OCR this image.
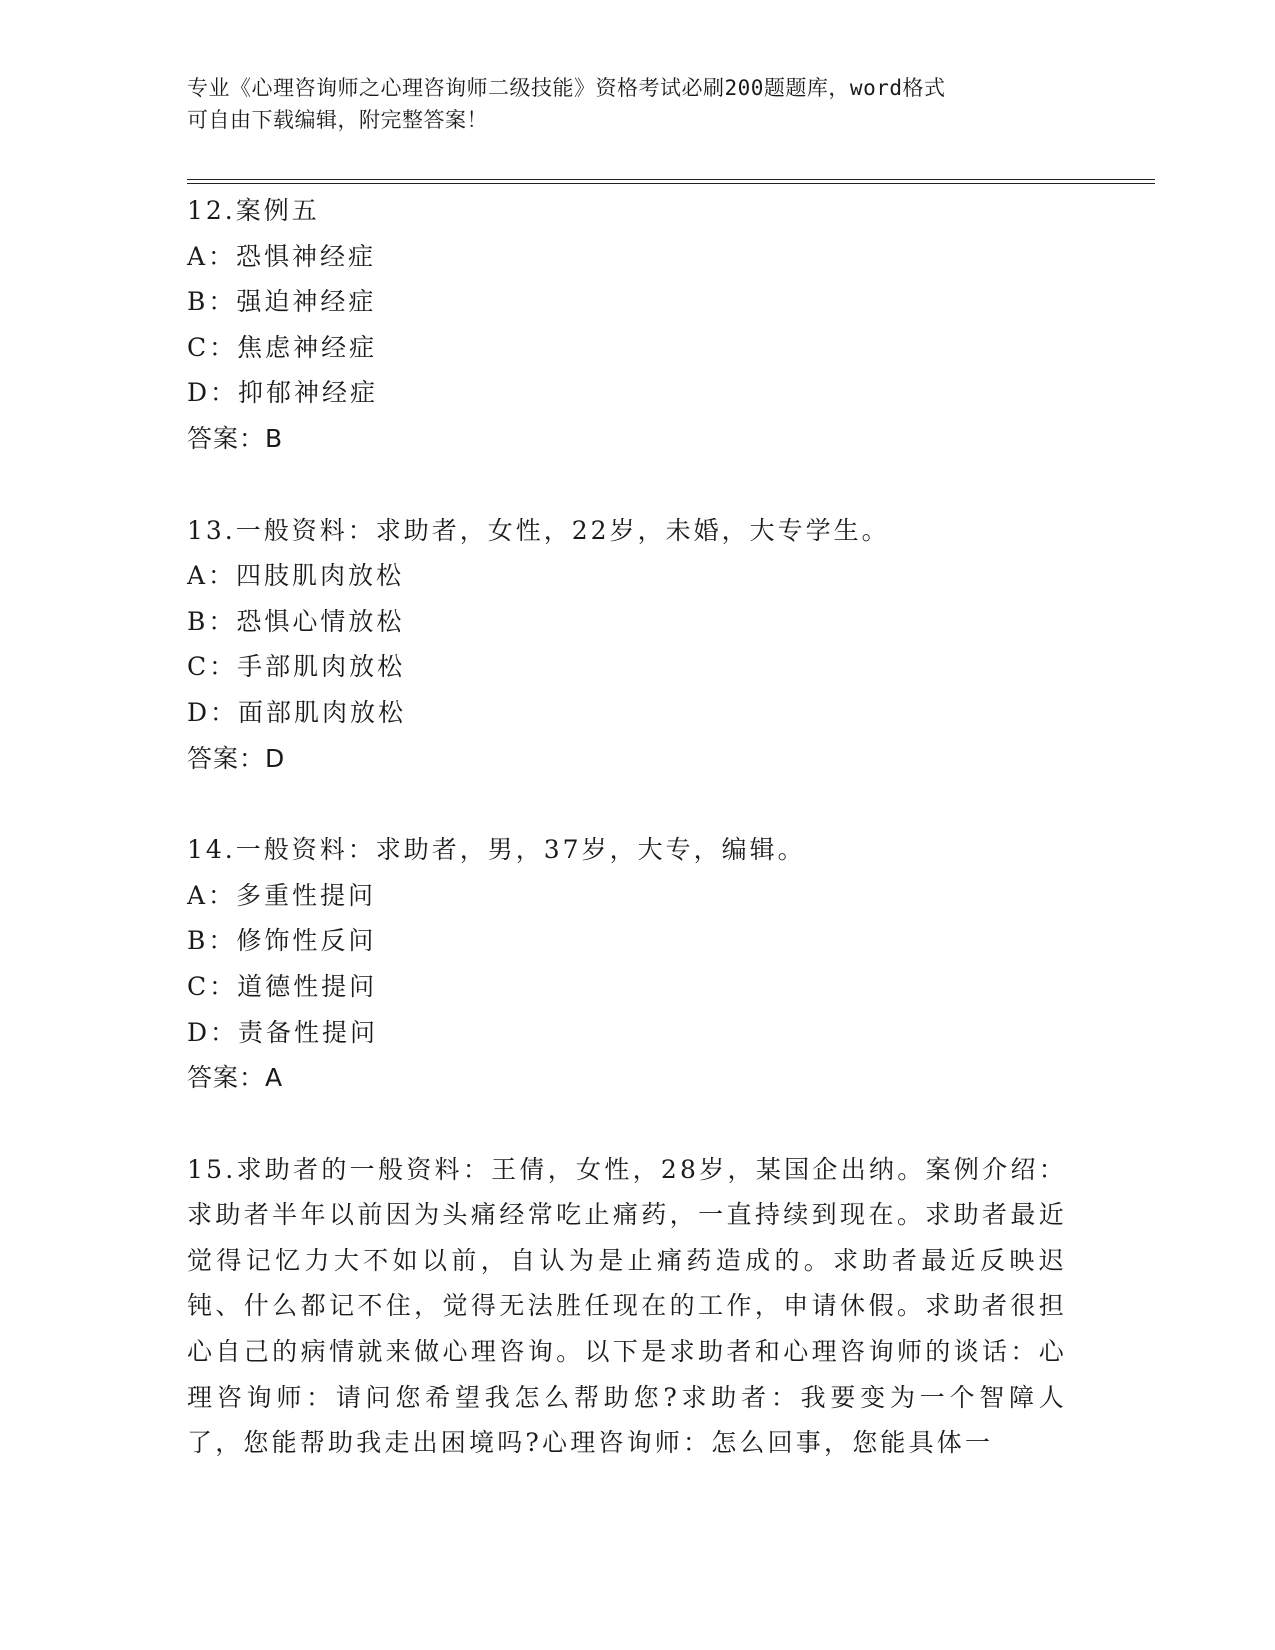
专业《心理咨询师之心理咨询师二级技能》资格考试必刷200题题库，word格式
可自由下载编辑，附完整答案！
12.案例五
A：恐惧神经症
B：强迫神经症
C：焦虑神经症
D：抑郁神经症
答案：B
13.一般资料：求助者，女性，22岁，未婚，大专学生。
A：四肢肌肉放松
B：恐惧心情放松
C：手部肌肉放松
D：面部肌肉放松
答案：D
14.一般资料：求助者，男，37岁，大专，编辑。
A：多重性提问
B：修饰性反问
C：道德性提问
D：责备性提问
答案：A
15.求助者的一般资料：王倩，女性，28岁，某国企出纳。案例介绍：求助者半年以前因为头痛经常吃止痛药，一直持续到现在。求助者最近觉得记忆力大不如以前，自认为是止痛药造成的。求助者最近反映迟钝、什么都记不住，觉得无法胜任现在的工作，申请休假。求助者很担心自己的病情就来做心理咨询。以下是求助者和心理咨询师的谈话：心理咨询师：请问您希望我怎么帮助您?求助者：我要变为一个智障人了，您能帮助我走出困境吗?心理咨询师：怎么回事，您能具体一
